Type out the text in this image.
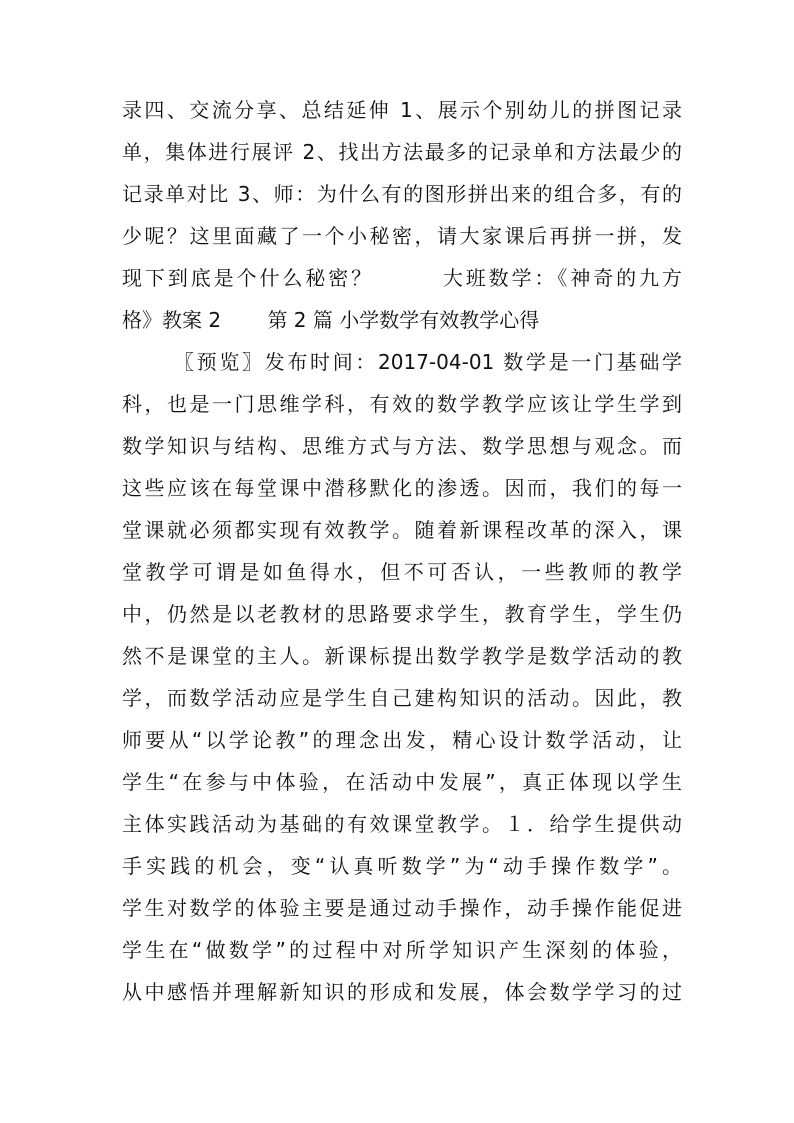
录四、交流分享、总结延伸 1、展示个别幼儿的拼图记录
单，集体进行展评 2、找出方法最多的记录单和方法最少的
记录单对比 3、师：为什么有的图形拼出来的组合多，有的
少呢？这里面藏了一个小秘密，请大家课后再拼一拼，发
现下到底是个什么秘密？　　　大班数学：《神奇的九方
格》教案 2　　 第 2 篇 小学数学有效教学心得
〖预览〗发布时间：2017-04-01 数学是一门基础学
科，也是一门思维学科，有效的数学教学应该让学生学到
数学知识与结构、思维方式与方法、数学思想与观念。而
这些应该在每堂课中潜移默化的渗透。因而，我们的每一
堂课就必须都实现有效教学。随着新课程改革的深入，课
堂教学可谓是如鱼得水，但不可否认，一些教师的教学
中，仍然是以老教材的思路要求学生，教育学生，学生仍
然不是课堂的主人。新课标提出数学教学是数学活动的教
学，而数学活动应是学生自己建构知识的活动。因此，教
师要从“以学论教”的理念出发，精心设计数学活动，让
学生“在参与中体验，在活动中发展”，真正体现以学生
主体实践活动为基础的有效课堂教学。１．给学生提供动
手实践的机会，变“认真听数学”为“动手操作数学”。
学生对数学的体验主要是通过动手操作，动手操作能促进
学生在“做数学”的过程中对所学知识产生深刻的体验，
从中感悟并理解新知识的形成和发展，体会数学学习的过
